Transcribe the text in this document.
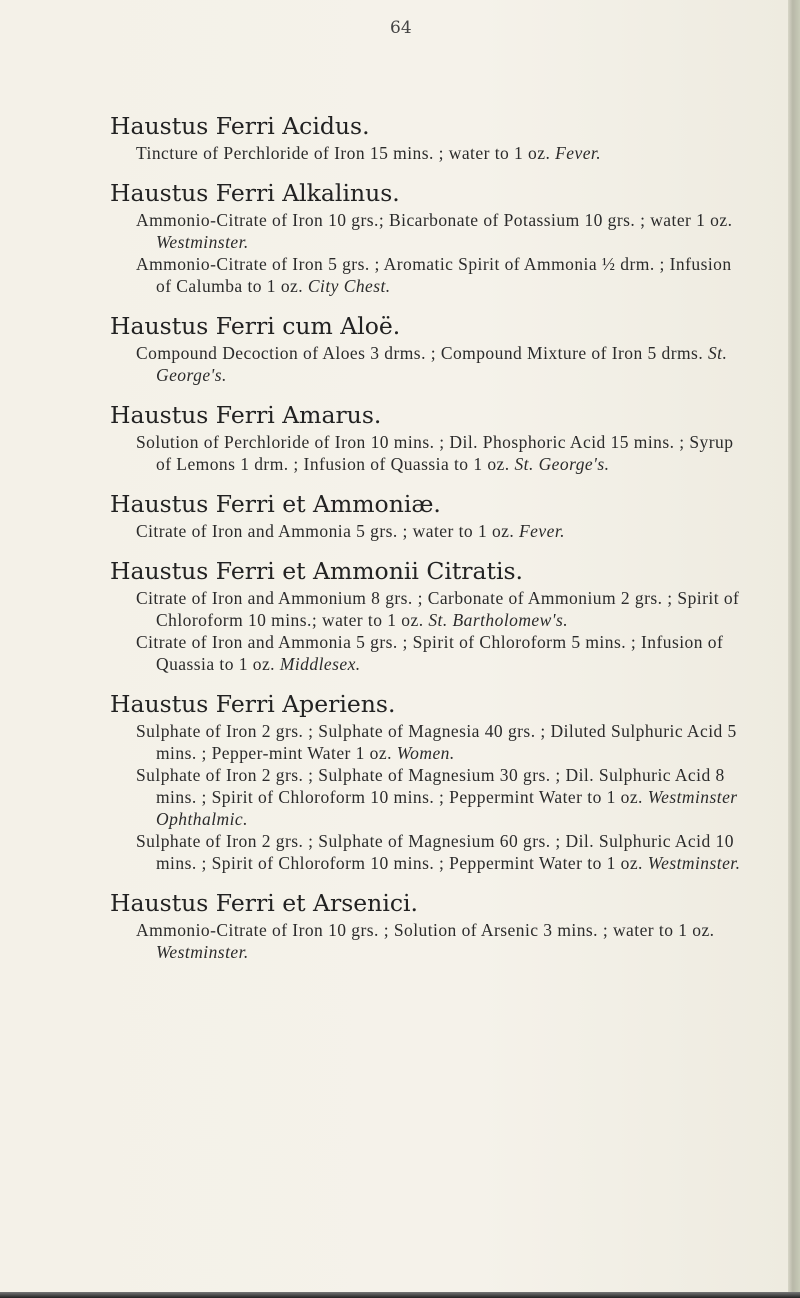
64
Haustus Ferri Acidus.

Tincture of Perchloride of Iron 15 mins. ; water to 1 oz. Fever.

Haustus Ferri Alkalinus.

Ammonio-Citrate of Iron 10 grs.; Bicarbonate of Potassium 10 grs. ; water 1 oz. Westminster.

Ammonio-Citrate of Iron 5 grs. ; Aromatic Spirit of Ammonia ½ drm. ; Infusion of Calumba to 1 oz. City Chest.

Haustus Ferri cum Aloë.

Compound Decoction of Aloes 3 drms. ; Compound Mixture of Iron 5 drms. St. George's.

Haustus Ferri Amarus.

Solution of Perchloride of Iron 10 mins. ; Dil. Phosphoric Acid 15 mins. ; Syrup of Lemons 1 drm. ; Infusion of Quassia to 1 oz. St. George's.

Haustus Ferri et Ammoniæ.

Citrate of Iron and Ammonia 5 grs. ; water to 1 oz. Fever.

Haustus Ferri et Ammonii Citratis.

Citrate of Iron and Ammonium 8 grs. ; Carbonate of Ammonium 2 grs. ; Spirit of Chloroform 10 mins.; water to 1 oz. St. Bartholomew's.

Citrate of Iron and Ammonia 5 grs. ; Spirit of Chloroform 5 mins. ; Infusion of Quassia to 1 oz. Middlesex.

Haustus Ferri Aperiens.

Sulphate of Iron 2 grs. ; Sulphate of Magnesia 40 grs. ; Diluted Sulphuric Acid 5 mins. ; Pepper-mint Water 1 oz. Women.

Sulphate of Iron 2 grs. ; Sulphate of Magnesium 30 grs. ; Dil. Sulphuric Acid 8 mins. ; Spirit of Chloroform 10 mins. ; Peppermint Water to 1 oz. Westminster Ophthalmic.

Sulphate of Iron 2 grs. ; Sulphate of Magnesium 60 grs. ; Dil. Sulphuric Acid 10 mins. ; Spirit of Chloroform 10 mins. ; Peppermint Water to 1 oz. Westminster.

Haustus Ferri et Arsenici.

Ammonio-Citrate of Iron 10 grs. ; Solution of Arsenic 3 mins. ; water to 1 oz. Westminster.
